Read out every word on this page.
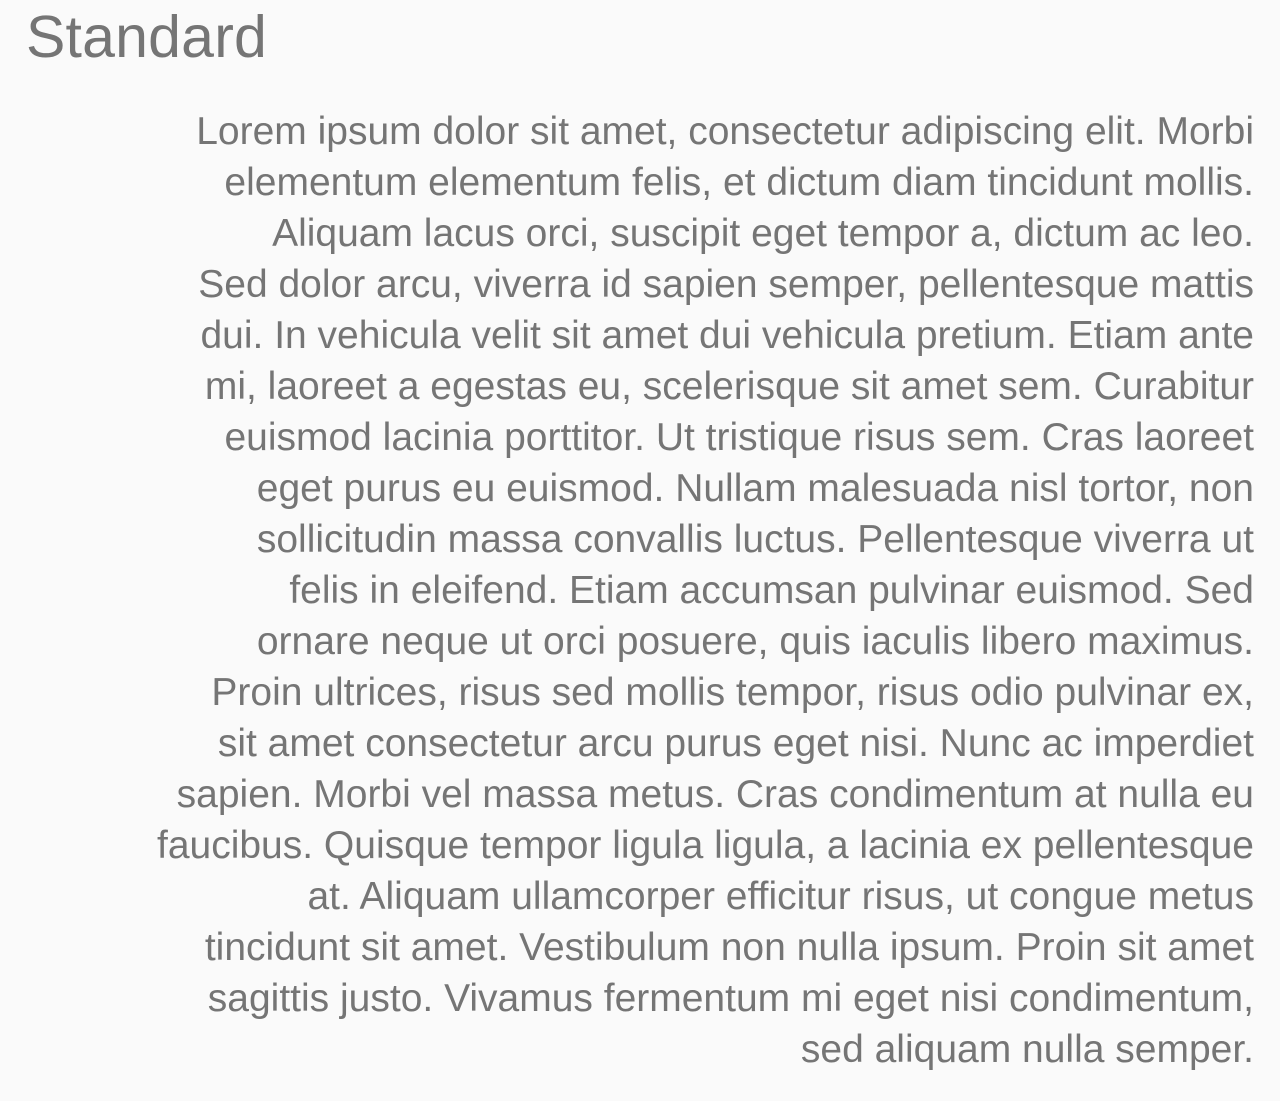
Standard

Lorem ipsum dolor sit amet, consectetur adipiscing elit. Morbi
elementum elementum felis, et dictum diam tincidunt mollis.
Aliquam lacus orci, suscipit eget tempor a, dictum ac leo.
Sed dolor arcu, viverra id sapien semper, pellentesque mattis
dui. In vehicula velit sit amet dui vehicula pretium. Etiam ante
mi, laoreet a egestas eu, scelerisque sit amet sem. Curabitur
euismod lacinia porttitor. Ut tristique risus sem. Cras laoreet
eget purus eu euismod. Nullam malesuada nisl tortor, non
sollicitudin massa convallis luctus. Pellentesque viverra ut
felis in eleifend. Etiam accumsan pulvinar euismod. Sed
ornare neque ut orci posuere, quis iaculis libero maximus.
Proin ultrices, risus sed mollis tempor, risus odio pulvinar ex,
sit amet consectetur arcu purus eget nisi. Nunc ac imperdiet
sapien. Morbi vel massa metus. Cras condimentum at nulla eu
faucibus. Quisque tempor ligula ligula, a lacinia ex pellentesque
at. Aliquam ullamcorper efficitur risus, ut congue metus
tincidunt sit amet. Vestibulum non nulla ipsum. Proin sit amet
sagittis justo. Vivamus fermentum mi eget nisi condimentum,
sed aliquam nulla semper.
